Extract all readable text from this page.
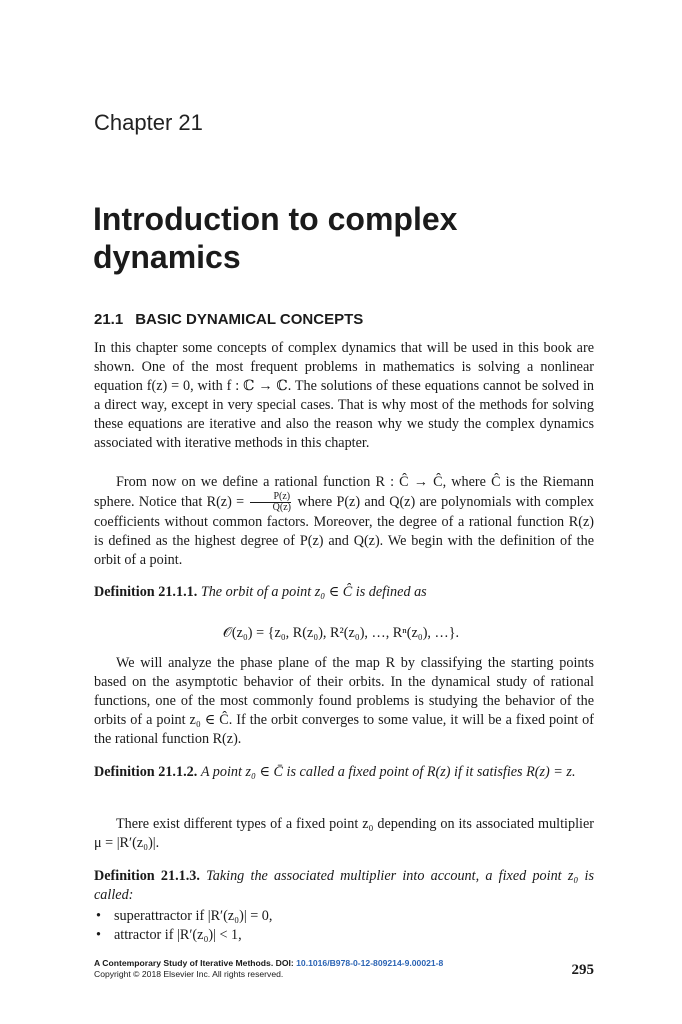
Chapter 21

Introduction to complex dynamics
21.1 BASIC DYNAMICAL CONCEPTS

In this chapter some concepts of complex dynamics that will be used in this book are shown. One of the most frequent problems in mathematics is solving a nonlinear equation f(z) = 0, with f : ℂ → ℂ. The solutions of these equations cannot be solved in a direct way, except in very special cases. That is why most of the methods for solving these equations are iterative and also the reason why we study the complex dynamics associated with iterative methods in this chapter.

From now on we define a rational function R : Ĉ → Ĉ, where Ĉ is the Riemann sphere. Notice that $R(z) = \frac{P(z)}{Q(z)}$ where P(z) and Q(z) are polynomials with complex coefficients without common factors. Moreover, the degree of a rational function R(z) is defined as the highest degree of P(z) and Q(z). We begin with the definition of the orbit of a point.

Definition 21.1.1. The orbit of a point z₀ ∈ Ĉ is defined as

𝒪(z₀) = {z₀, R(z₀), R²(z₀), …, Rⁿ(z₀), …}.

We will analyze the phase plane of the map R by classifying the starting points based on the asymptotic behavior of their orbits. In the dynamical study of rational functions, one of the most commonly found problems is studying the behavior of the orbits of a point z₀ ∈ Ĉ. If the orbit converges to some value, it will be a fixed point of the rational function R(z).

Definition 21.1.2. A point z₀ ∈ C̄ is called a fixed point of R(z) if it satisfies R(z) = z.

There exist different types of a fixed point z₀ depending on its associated multiplier μ = |R′(z₀)|.

Definition 21.1.3. Taking the associated multiplier into account, a fixed point z₀ is called:

• superattractor if |R′(z₀)| = 0,
• attractor if |R′(z₀)| < 1,

A Contemporary Study of Iterative Methods. DOI: 10.1016/B978-0-12-809214-9.00021-8

Copyright © 2018 Elsevier Inc. All rights reserved.	295
